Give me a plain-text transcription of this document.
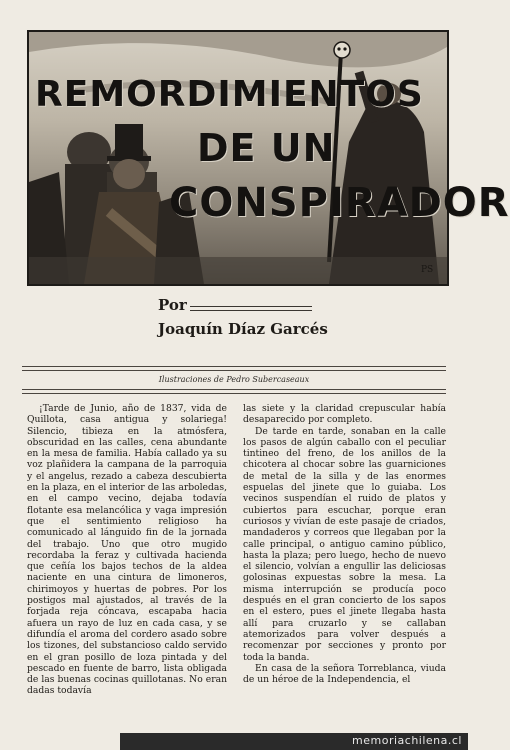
PS
REMORDIMIENTOS
DE UN
CONSPIRADOR
Por
Joaquín Díaz Garcés
Ilustraciones de Pedro Subercaseaux

¡Tarde de Junio, año de 1837, vida de Quillota, casa antigua y solariega! Silencio, tibieza en la atmósfera, obscuridad en las calles, cena abundante en la mesa de familia. Había callado ya su voz plañidera la campana de la parroquia y el angelus, rezado a cabeza descubierta en la plaza, en el interior de las arboledas, en el campo vecino, dejaba todavía flotante esa melancólica y vaga impresión que el sentimiento religioso ha comunicado al lánguido fin de la jornada del trabajo. Uno que otro mugido recordaba la feraz y cultivada hacienda que ceñía los bajos techos de la aldea naciente en una cintura de limoneros, chirimoyos y huertas de pobres. Por los postigos mal ajustados, al través de la forjada reja cóncava, escapaba hacia afuera un rayo de luz en cada casa, y se difundía el aroma del cordero asado sobre los tizones, del substancioso caldo servido en el gran posillo de loza pintada y del pescado en fuente de barro, lista obligada de las buenas cocinas quillotanas. No eran dadas todavía

las siete y la claridad crepuscular había desaparecido por completo.

De tarde en tarde, sonaban en la calle los pasos de algún caballo con el peculiar tintineo del freno, de los anillos de la chicotera al chocar sobre las guarniciones de metal de la silla y de las enormes espuelas del jinete que lo guiaba. Los vecinos suspendían el ruido de platos y cubiertos para escuchar, porque eran curiosos y vivían de este pasaje de criados, mandaderos y correos que llegaban por la calle principal, o antiguo camino público, hasta la plaza; pero luego, hecho de nuevo el silencio, volvían a engullir las deliciosas golosinas expuestas sobre la mesa. La misma interrupción se producía poco después en el gran concierto de los sapos en el estero, pues el jinete llegaba hasta allí para cruzarlo y se callaban atemorizados para volver después a recomenzar por secciones y pronto por toda la banda.

En casa de la señora Torreblanca, viuda de un héroe de la Independencia, el

memoriachilena.cl
